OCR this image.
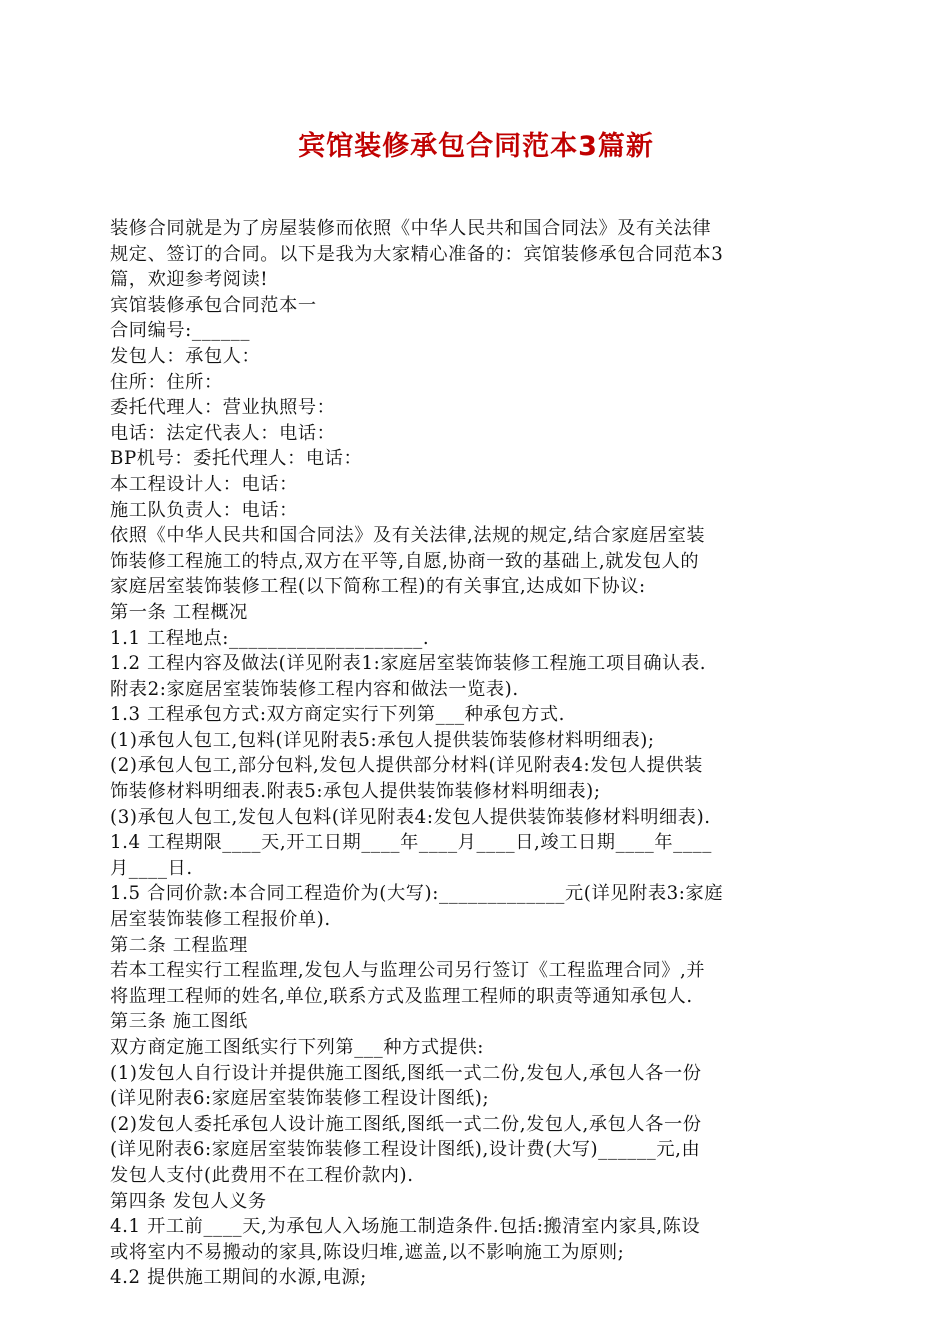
宾馆装修承包合同范本3篇新

装修合同就是为了房屋装修而依照《中华人民共和国合同法》及有关法律

规定、签订的合同。以下是我为大家精心准备的：宾馆装修承包合同范本3

篇，欢迎参考阅读!

宾馆装修承包合同范本一

合同编号:______

发包人：承包人：

住所：住所：

委托代理人：营业执照号：

电话：法定代表人：电话：

BP机号：委托代理人：电话：

本工程设计人：电话：

施工队负责人：电话：

依照《中华人民共和国合同法》及有关法律,法规的规定,结合家庭居室装

饰装修工程施工的特点,双方在平等,自愿,协商一致的基础上,就发包人的

家庭居室装饰装修工程(以下简称工程)的有关事宜,达成如下协议:

第一条 工程概况

1.1 工程地点:____________________.

1.2 工程内容及做法(详见附表1:家庭居室装饰装修工程施工项目确认表.

附表2:家庭居室装饰装修工程内容和做法一览表).

1.3 工程承包方式:双方商定实行下列第___种承包方式.

(1)承包人包工,包料(详见附表5:承包人提供装饰装修材料明细表);

(2)承包人包工,部分包料,发包人提供部分材料(详见附表4:发包人提供装

饰装修材料明细表.附表5:承包人提供装饰装修材料明细表);

(3)承包人包工,发包人包料(详见附表4:发包人提供装饰装修材料明细表).

1.4 工程期限____天,开工日期____年____月____日,竣工日期____年____

月____日.

1.5 合同价款:本合同工程造价为(大写):_____________元(详见附表3:家庭

居室装饰装修工程报价单).

第二条 工程监理

若本工程实行工程监理,发包人与监理公司另行签订《工程监理合同》,并

将监理工程师的姓名,单位,联系方式及监理工程师的职责等通知承包人.

第三条 施工图纸

双方商定施工图纸实行下列第___种方式提供:

(1)发包人自行设计并提供施工图纸,图纸一式二份,发包人,承包人各一份

(详见附表6:家庭居室装饰装修工程设计图纸);

(2)发包人委托承包人设计施工图纸,图纸一式二份,发包人,承包人各一份

(详见附表6:家庭居室装饰装修工程设计图纸),设计费(大写)______元,由

发包人支付(此费用不在工程价款内).

第四条 发包人义务

4.1 开工前____天,为承包人入场施工制造条件.包括:搬清室内家具,陈设

或将室内不易搬动的家具,陈设归堆,遮盖,以不影响施工为原则;

4.2 提供施工期间的水源,电源;
